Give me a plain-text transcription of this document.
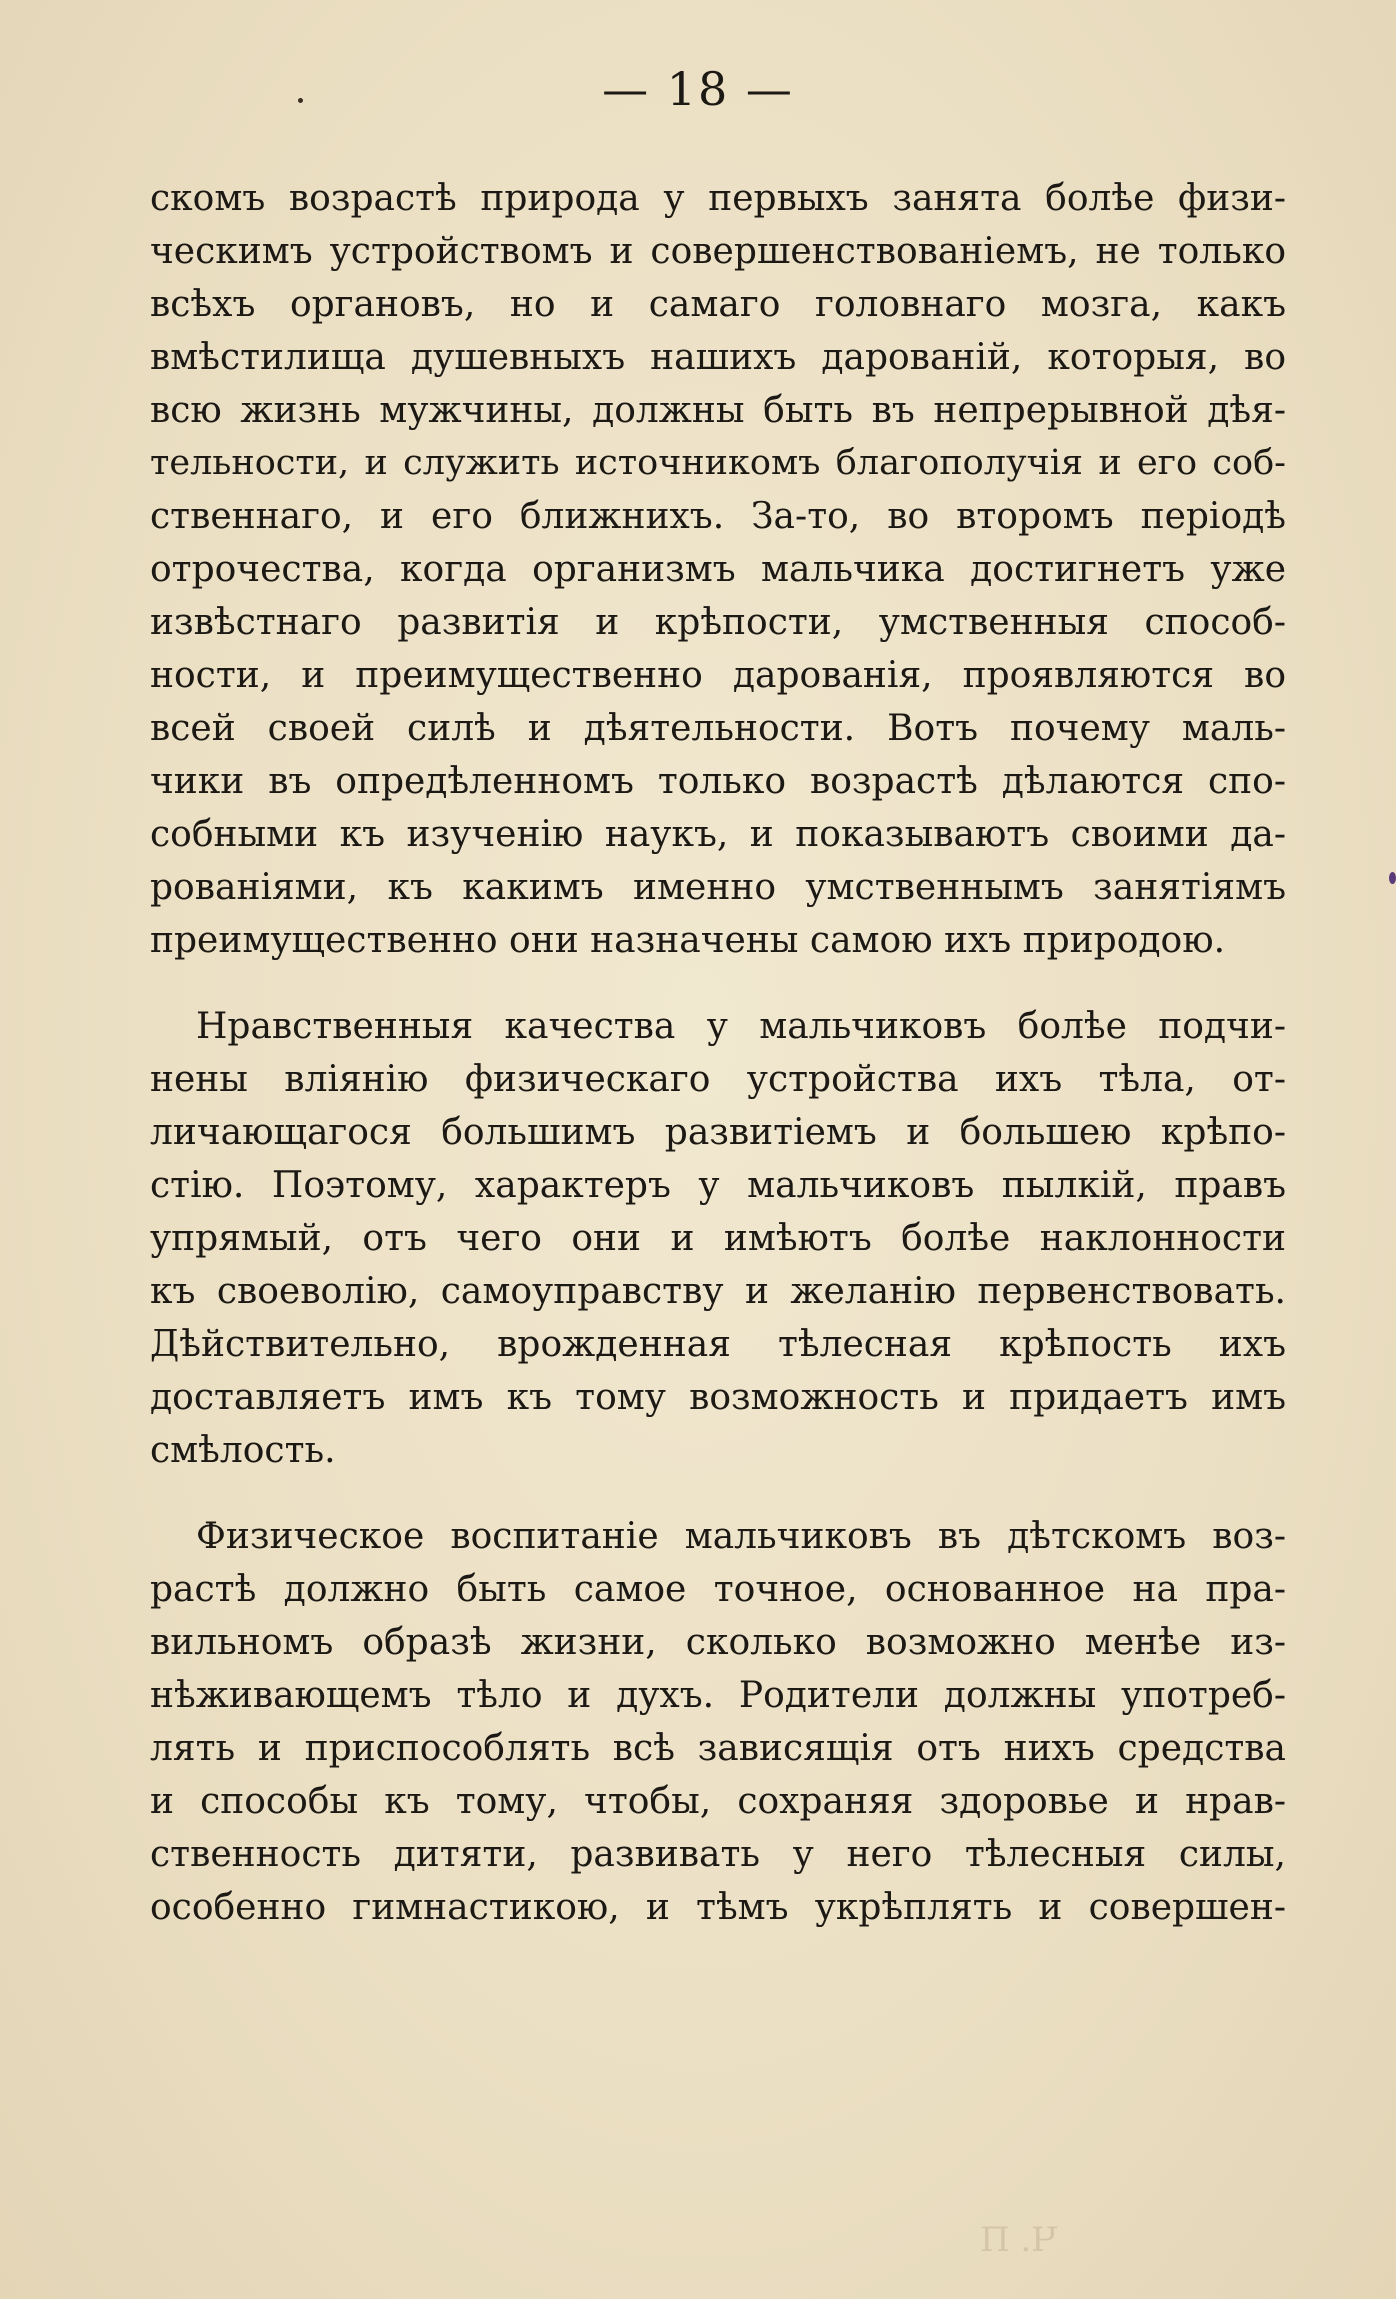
— 18 —

скомъ возрастѣ природа у первыхъ занята болѣе физи-
ческимъ устройствомъ и совершенствованіемъ, не только
всѣхъ органовъ, но и самаго головнаго мозга, какъ
вмѣстилища душевныхъ нашихъ дарованій, которыя, во
всю жизнь мужчины, должны быть въ непрерывной дѣя-
тельности, и служить источникомъ благополучія и его соб-
ственнаго, и его ближнихъ. За-то, во второмъ періодѣ
отрочества, когда организмъ мальчика достигнетъ уже
извѣстнаго развитія и крѣпости, умственныя способ-
ности, и преимущественно дарованія, проявляются во
всей своей силѣ и дѣятельности. Вотъ почему маль-
чики въ опредѣленномъ только возрастѣ дѣлаются спо-
собными къ изученію наукъ, и показываютъ своими да-
рованіями, къ какимъ именно умственнымъ занятіямъ
преимущественно они назначены самою ихъ природою.
Нравственныя качества у мальчиковъ болѣе подчи-
нены вліянію физическаго устройства ихъ тѣла, от-
личающагося большимъ развитіемъ и большею крѣпо-
стію. Поэтому, характеръ у мальчиковъ пылкій, правъ
упрямый, отъ чего они и имѣютъ болѣе наклонности
къ своеволію, самоуправству и желанію первенствовать.
Дѣйствительно, врожденная тѣлесная крѣпость ихъ
доставляетъ имъ къ тому возможность и придаетъ имъ
смѣлость.
Физическое воспитаніе мальчиковъ въ дѣтскомъ воз-
растѣ должно быть самое точное, основанное на пра-
вильномъ образѣ жизни, сколько возможно менѣе из-
нѣживающемъ тѣло и духъ. Родители должны употреб-
лять и приспособлять всѣ зависящія отъ нихъ средства
и способы къ тому, чтобы, сохраняя здоровье и нрав-
ственность дитяти, развивать у него тѣлесныя силы,
особенно гимнастикою, и тѣмъ укрѣплять и совершен-
Ч. П
